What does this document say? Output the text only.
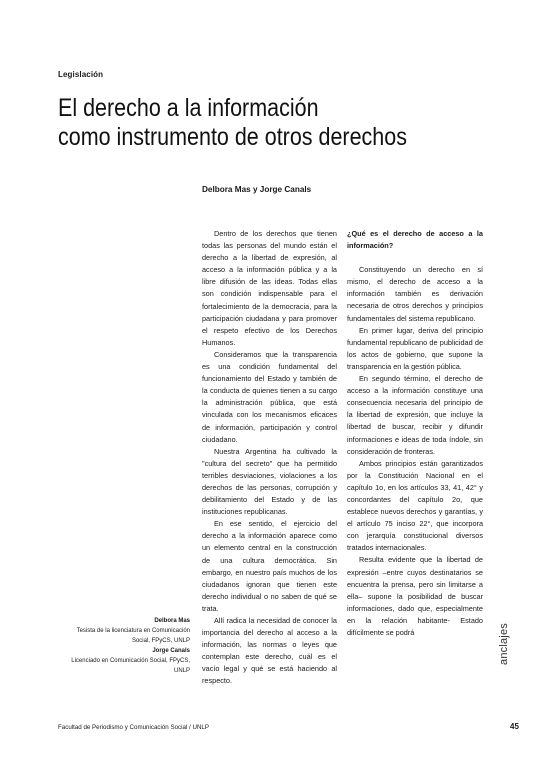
Legislación
El derecho a la información
como instrumento de otros derechos
Delbora Mas y Jorge Canals

Dentro de los derechos que tienen todas las personas del mundo están el derecho a la libertad de expresión, al acceso a la información pública y a la libre difusión de las ideas. Todas ellas son condición indispensable para el fortalecimiento de la democracia, para la participación ciudadana y para promover el respeto efectivo de los Derechos Humanos.

Consideramos que la transparencia es una condición fundamental del funcionamiento del Estado y también de la conducta de quienes tienen a su cargo la administración pública, que está vinculada con los mecanismos eficaces de información, participación y control ciudadano.

Nuestra Argentina ha cultivado la "cultura del secreto" que ha permitido terribles desviaciones, violaciones a los derechos de las personas, corrupción y debilitamiento del Estado y de las instituciones republicanas.

En ese sentido, el ejercicio del derecho a la información aparece como un elemento central en la construcción de una cultura democrática. Sin embargo, en nuestro país muchos de los ciudadanos ignoran que tienen este derecho individual o no saben de qué se trata.

Allí radica la necesidad de conocer la importancia del derecho al acceso a la información, las normas o leyes que contemplan este derecho, cuál es el vacío legal y qué se está haciendo al respecto.

¿Qué es el derecho de acceso a la información?

Constituyendo un derecho en sí mismo, el derecho de acceso a la información también es derivación necesaria de otros derechos y principios fundamentales del sistema republicano.

En primer lugar, deriva del principio fundamental republicano de publicidad de los actos de gobierno, que supone la transparencia en la gestión pública.

En segundo término, el derecho de acceso a la información constituye una consecuencia necesaria del principio de la libertad de expresión, que incluye la libertad de buscar, recibir y difundir informaciones e ideas de toda índole, sin consideración de fronteras.

Ambos principios están garantizados por la Constitución Nacional en el capítulo 1o, en los artículos 33, 41, 42° y concordantes del capítulo 2o, que establece nuevos derechos y garantías, y el artículo 75 inciso 22°, que incorpora con jerarquía constitucional diversos tratados internacionales.

Resulta evidente que la libertad de expresión –entre cuyos destinatarios se encuentra la prensa, pero sin limitarse a ella– supone la posibilidad de buscar informaciones, dado que, especialmente en la relación habitante- Estado difícilmente se podrá

Delbora Mas
Tesista de la licenciatura en Comunicación
Social, FPyCS, UNLP
Jorge Canals
Licenciado en Comunicación Social, FPyCS,
UNLP
anclajes
Facultad de Periodismo y Comunicación Social / UNLP	45
